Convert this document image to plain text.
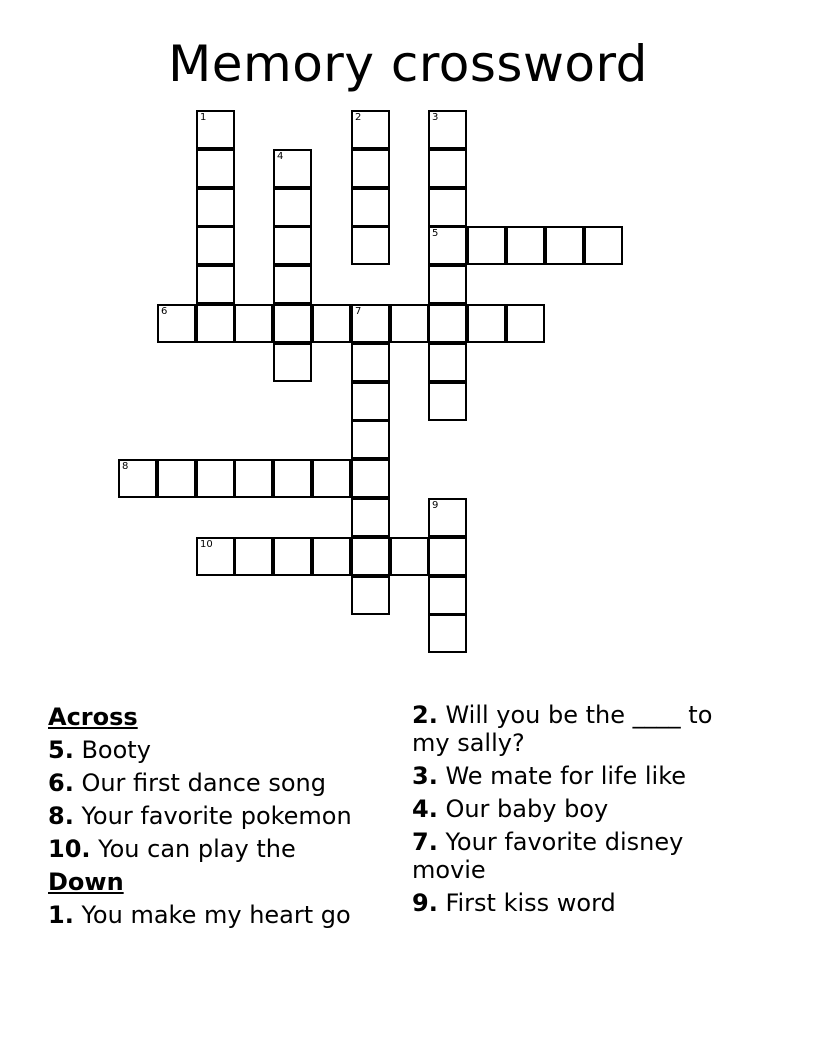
Memory crossword
1	2	3
5
4
6	7
8
9
10
Across
5. Booty
6. Our first dance song
8. Your favorite pokemon
10. You can play the
Down
1. You make my heart go
2. Will you be the ____ to my sally?
3. We mate for life like
4. Our baby boy
7. Your favorite disney movie
9. First kiss word
